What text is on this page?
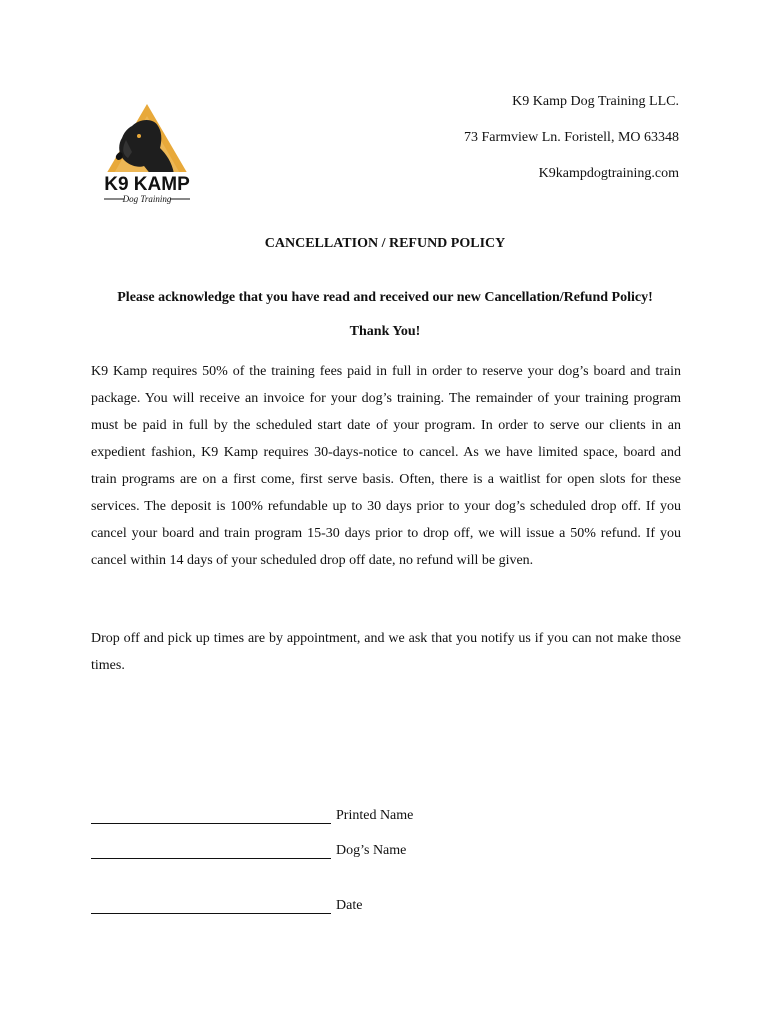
K9 KAMP
Dog Training
K9 Kamp Dog Training LLC.
73 Farmview Ln. Foristell, MO 63348
K9kampdogtraining.com
CANCELLATION / REFUND POLICY
Please acknowledge that you have read and received our new Cancellation/Refund Policy!
Thank You!

K9 Kamp requires 50% of the training fees paid in full in order to reserve your dog’s board and train package. You will receive an invoice for your dog’s training. The remainder of your training program must be paid in full by the scheduled start date of your program. In order to serve our clients in an expedient fashion, K9 Kamp requires 30-days-notice to cancel. As we have limited space, board and train programs are on a first come, first serve basis. Often, there is a waitlist for open slots for these services. The deposit is 100% refundable up to 30 days prior to your dog’s scheduled drop off. If you cancel your board and train program 15-30 days prior to drop off, we will issue a 50% refund. If you cancel within 14 days of your scheduled drop off date, no refund will be given.

Drop off and pick up times are by appointment, and we ask that you notify us if you can not make those times.

Printed Name
Dog’s Name
Date
